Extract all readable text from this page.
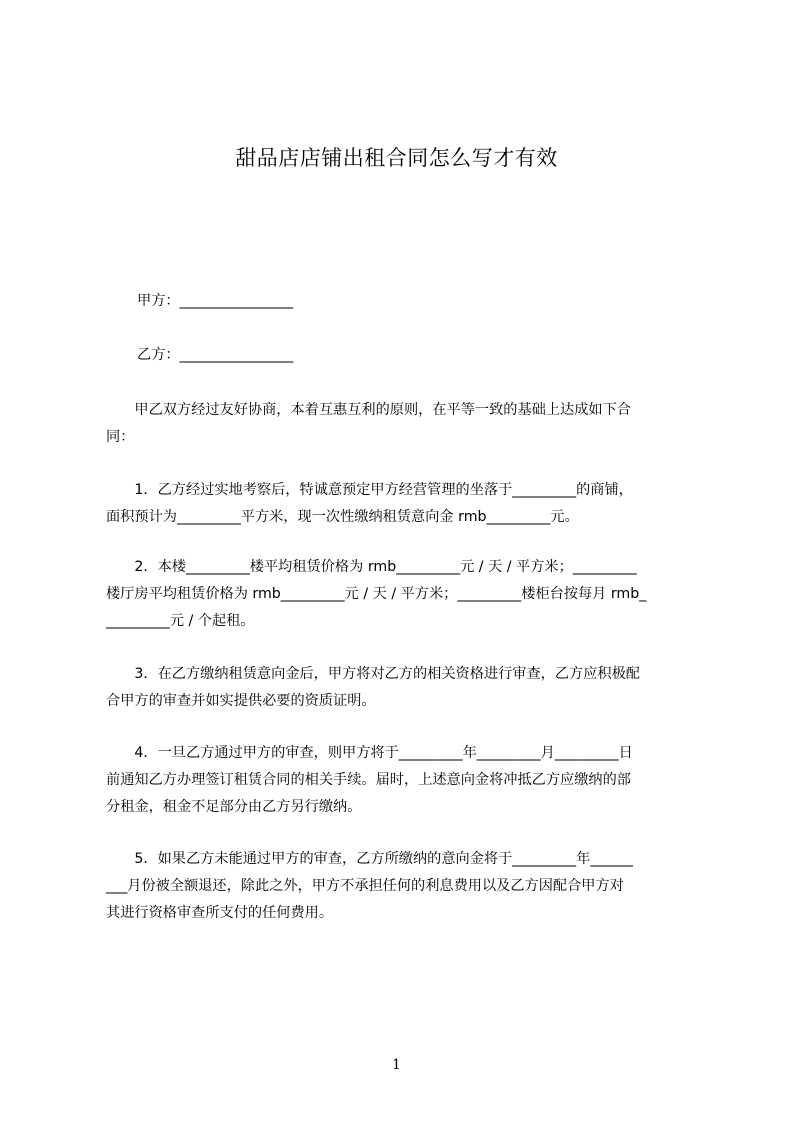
甜品店店铺出租合同怎么写才有效
甲方：________________
乙方：________________
　　甲乙双方经过友好协商，本着互惠互利的原则，在平等一致的基础上达成如下合
同：
　　1．乙方经过实地考察后，特诚意预定甲方经营管理的坐落于_________的商铺，
面积预计为_________平方米，现一次性缴纳租赁意向金 rmb_________元。
　　2．本楼_________楼平均租赁价格为 rmb_________元 / 天 / 平方米；_________
楼厅房平均租赁价格为 rmb_________元 / 天 / 平方米；_________楼柜台按每月 rmb_
_________元 / 个起租。
　　3．在乙方缴纳租赁意向金后，甲方将对乙方的相关资格进行审查，乙方应积极配
合甲方的审查并如实提供必要的资质证明。
　　4．一旦乙方通过甲方的审查，则甲方将于_________年_________月_________日
前通知乙方办理签订租赁合同的相关手续。届时，上述意向金将冲抵乙方应缴纳的部
分租金，租金不足部分由乙方另行缴纳。
　　5．如果乙方未能通过甲方的审查，乙方所缴纳的意向金将于_________年______
___月份被全额退还，除此之外，甲方不承担任何的利息费用以及乙方因配合甲方对
其进行资格审查所支付的任何费用。
1
